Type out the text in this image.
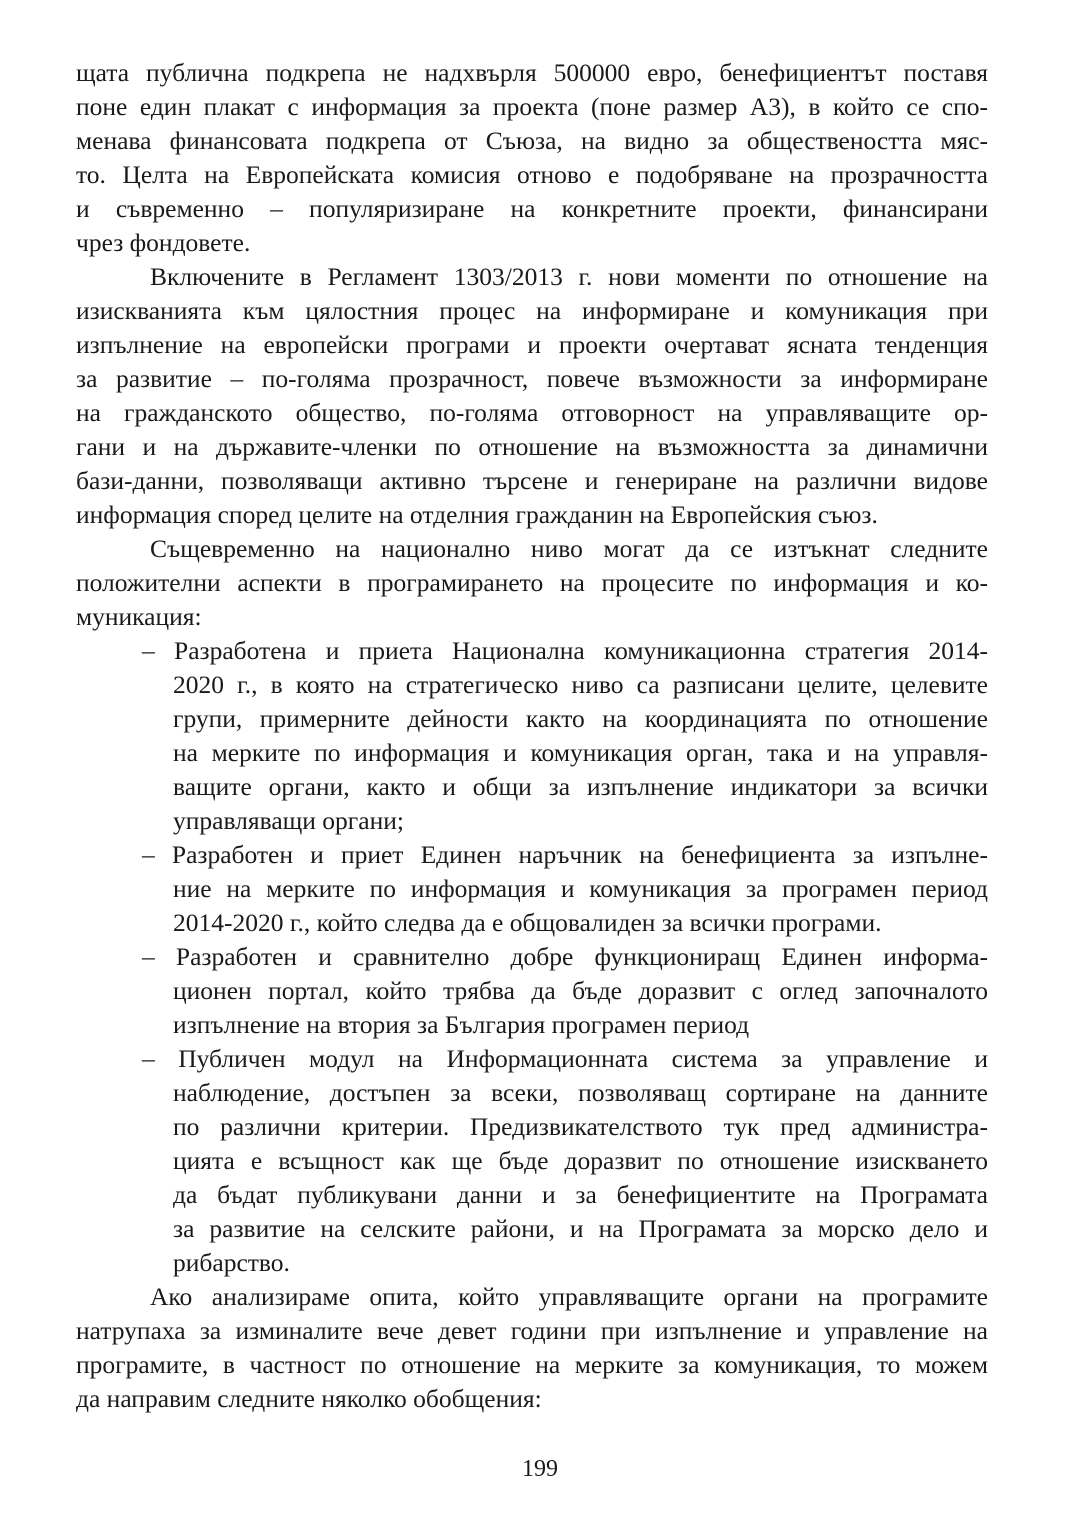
щата публична подкрепа не надхвърля 500000 евро, бенефициентът поставя
поне един плакат с информация за проекта (поне размер А3), в който се спо-
менава финансовата подкрепа от Съюза, на видно за обществеността мяс-
то. Целта на Европейската комисия отново е подобряване на прозрачността
и съвременно – популяризиране на конкретните проекти, финансирани
чрез фондовете.
Включените в Регламент 1303/2013 г. нови моменти по отношение на
изискванията към цялостния процес на информиране и комуникация при
изпълнение на европейски програми и проекти очертават ясната тенденция
за развитие – по-голяма прозрачност, повече възможности за информиране
на гражданското общество, по-голяма отговорност на управляващите ор-
гани и на държавите-членки по отношение на възможността за динамични
бази-данни, позволяващи активно търсене и генериране на различни видове
информация според целите на отделния гражданин на Европейския съюз.
Същевременно на национално ниво могат да се изтъкнат следните
положителни аспекти в програмирането на процесите по информация и ко-
муникация:
– Разработена и приета Национална комуникационна стратегия 2014-
2020 г., в която на стратегическо ниво са разписани целите, целевите
групи, примерните дейности както на координацията по отношение
на мерките по информация и комуникация орган, така и на управля-
ващите органи, както и общи за изпълнение индикатори за всички
управляващи органи;
– Разработен и приет Единен наръчник на бенефициента за изпълне-
ние на мерките по информация и комуникация за програмен период
2014-2020 г., който следва да е общовалиден за всички програми.
– Разработен и сравнително добре функциониращ Единен информа-
ционен портал, който трябва да бъде доразвит с оглед започналото
изпълнение на втория за България програмен период
– Публичен модул на Информационната система за управление и
наблюдение, достъпен за всеки, позволяващ сортиране на данните
по различни критерии. Предизвикателството тук пред администра-
цията е всъщност как ще бъде доразвит по отношение изискването
да бъдат публикувани данни и за бенефициентите на Програмата
за развитие на селските райони, и на Програмата за морско дело и
рибарство.
Ако анализираме опита, който управляващите органи на програмите
натрупаха за изминалите вече девет години при изпълнение и управление на
програмите, в частност по отношение на мерките за комуникация, то можем
да направим следните няколко обобщения:
199
